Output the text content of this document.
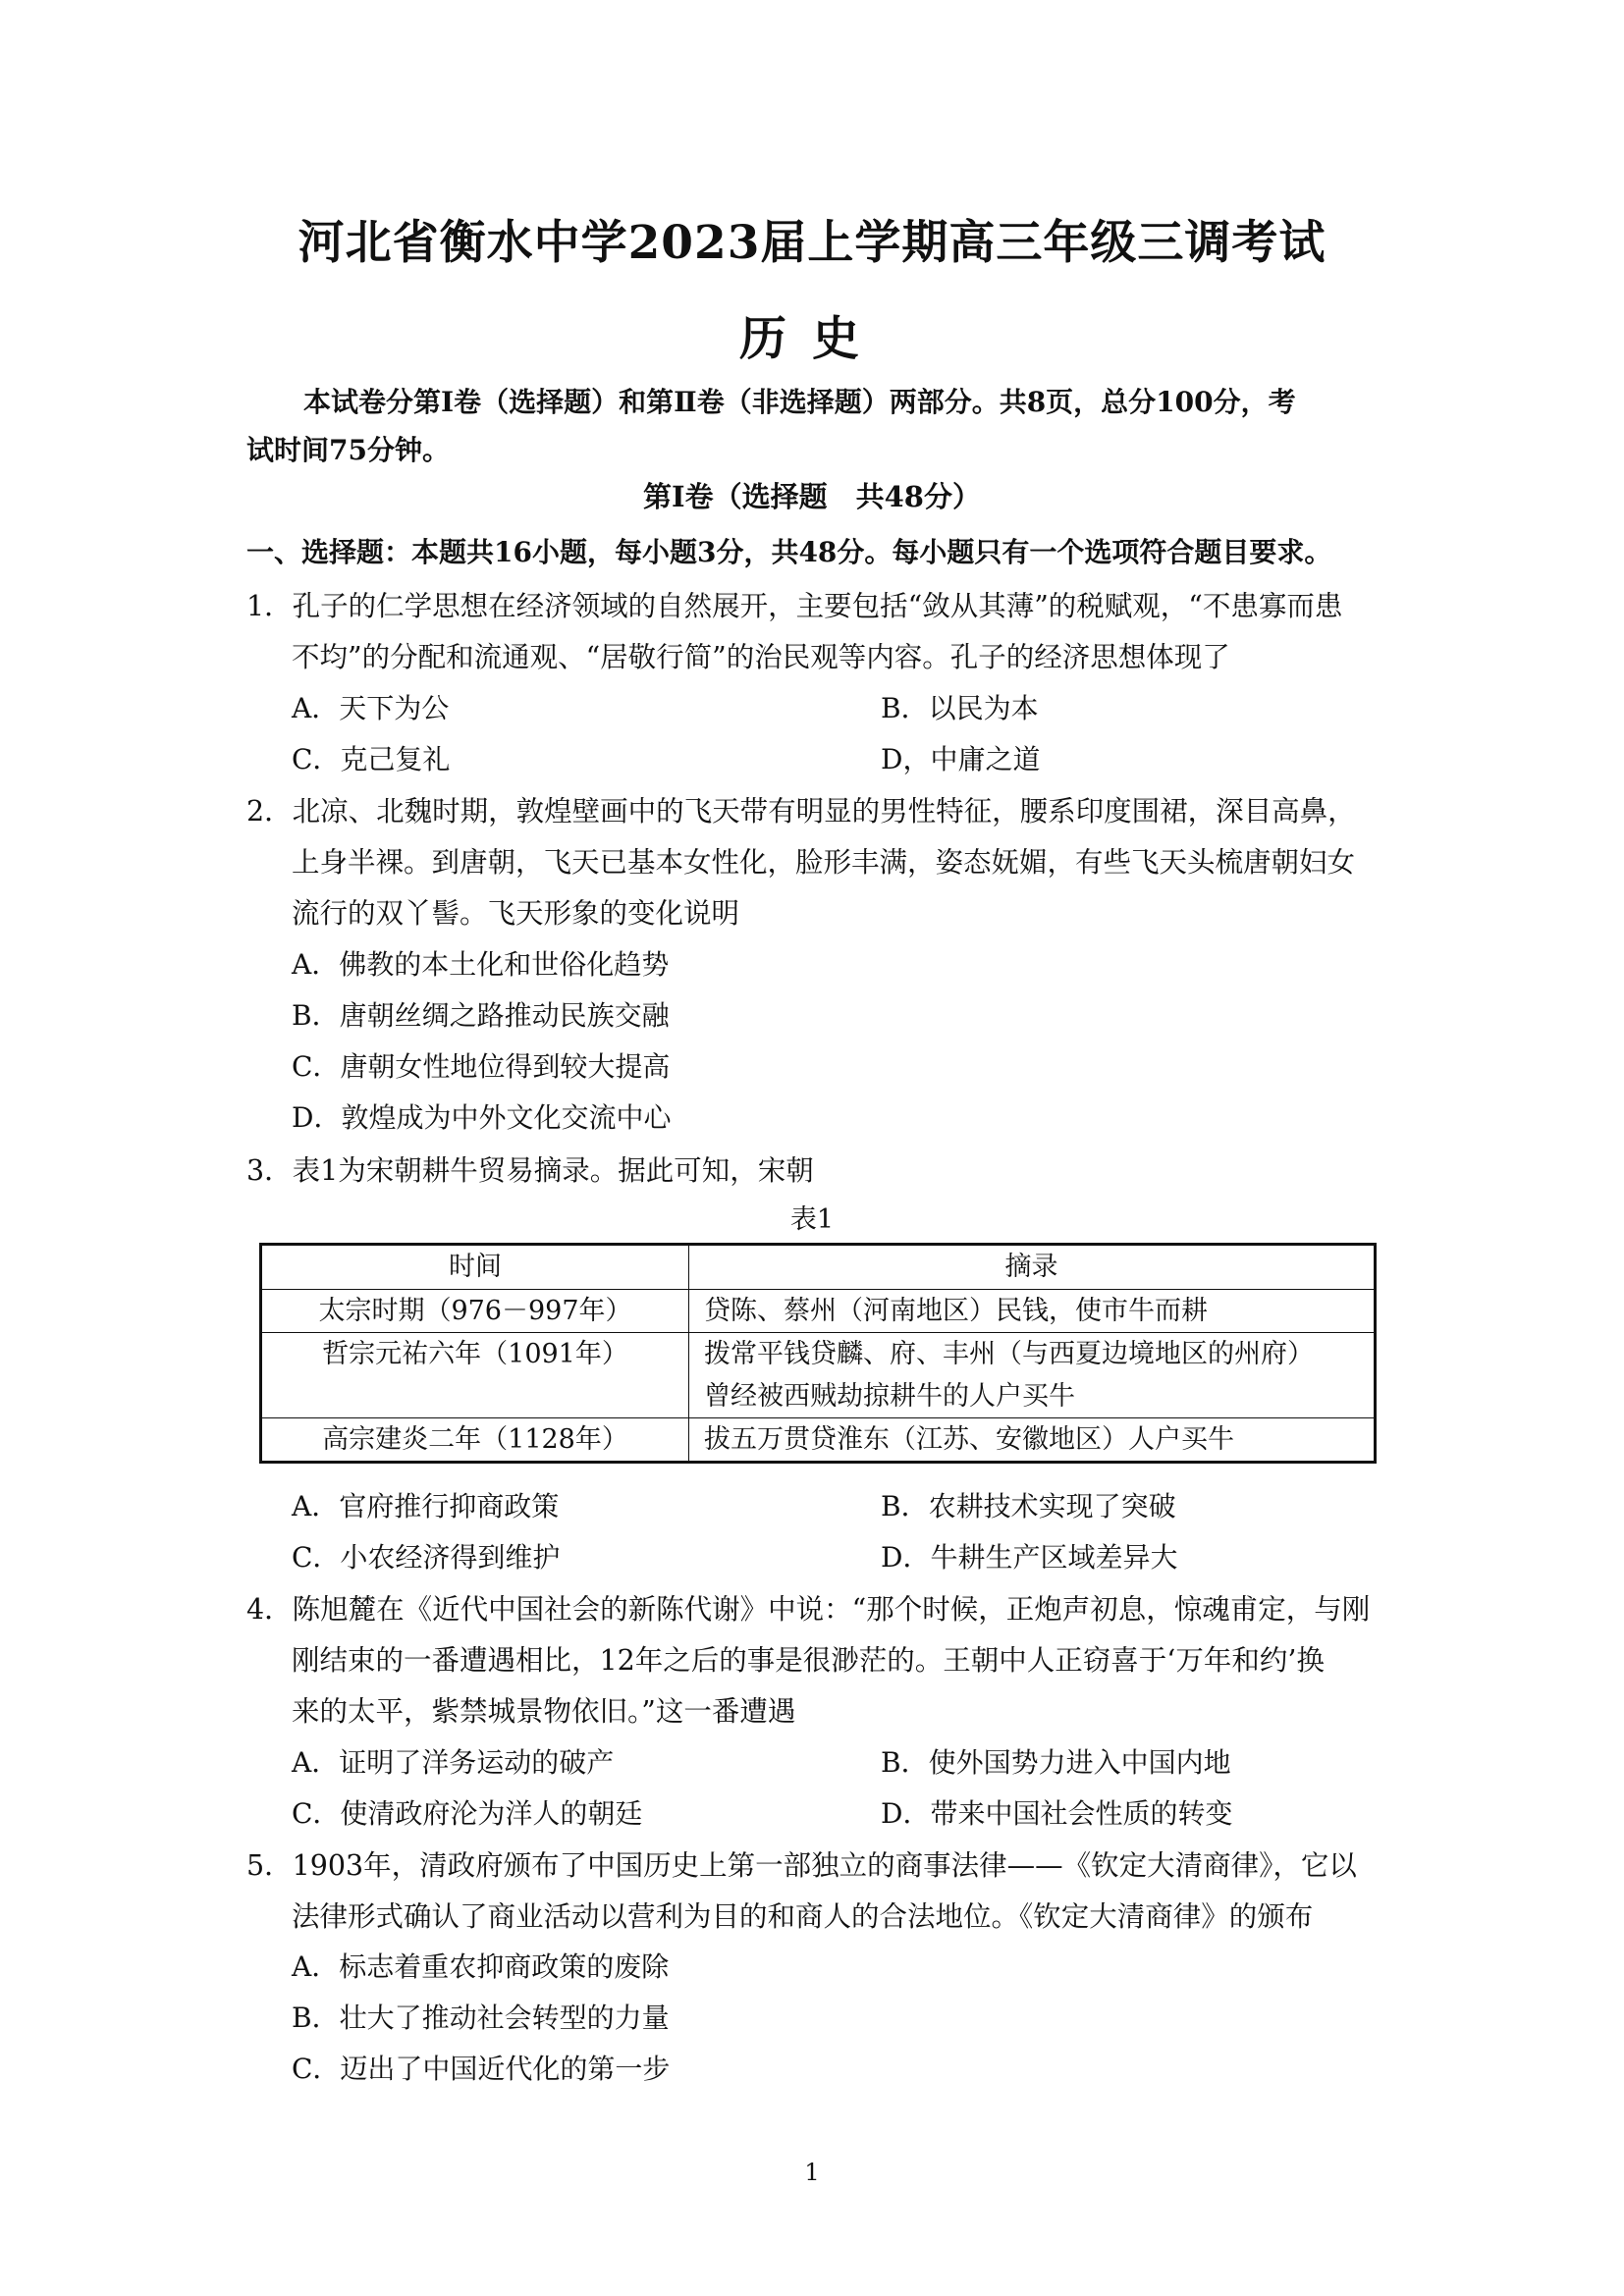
河北省衡水中学2023届上学期高三年级三调考试
历史
本试卷分第Ⅰ卷（选择题）和第Ⅱ卷（非选择题）两部分。共8页，总分100分，考
试时间75分钟。
第Ⅰ卷（选择题　共48分）
一、选择题：本题共16小题，每小题3分，共48分。每小题只有一个选项符合题目要求。
1．孔子的仁学思想在经济领域的自然展开，主要包括“敛从其薄”的税赋观，“不患寡而患
不均”的分配和流通观、“居敬行简”的治民观等内容。孔子的经济思想体现了
A．天下为公	B．以民为本
C．克己复礼	D，中庸之道
2．北凉、北魏时期，敦煌壁画中的飞天带有明显的男性特征，腰系印度围裙，深目高鼻，
上身半裸。到唐朝，飞天已基本女性化，脸形丰满，姿态妩媚，有些飞天头梳唐朝妇女
流行的双丫髻。飞天形象的变化说明
A．佛教的本土化和世俗化趋势
B．唐朝丝绸之路推动民族交融
C．唐朝女性地位得到较大提高
D．敦煌成为中外文化交流中心
3．表1为宋朝耕牛贸易摘录。据此可知，宋朝
表1
时间	摘录
太宗时期（976－997年）	贷陈、蔡州（河南地区）民钱，使市牛而耕

哲宗元祐六年（1091年）	拨常平钱贷麟、府、丰州（与西夏边境地区的州府）
曾经被西贼劫掠耕牛的人户买牛

高宗建炎二年（1128年）	拔五万贯贷淮东（江苏、安徽地区）人户买牛
A．官府推行抑商政策	B．农耕技术实现了突破
C．小农经济得到维护	D．牛耕生产区域差异大
4．陈旭麓在《近代中国社会的新陈代谢》中说：“那个时候，正炮声初息，惊魂甫定，与刚
刚结束的一番遭遇相比，12年之后的事是很渺茫的。王朝中人正窃喜于‘万年和约’换
来的太平，紫禁城景物依旧。”这一番遭遇
A．证明了洋务运动的破产	B．使外国势力进入中国内地
C．使清政府沦为洋人的朝廷	D．带来中国社会性质的转变
5．1903年，清政府颁布了中国历史上第一部独立的商事法律——《钦定大清商律》，它以
法律形式确认了商业活动以营利为目的和商人的合法地位。《钦定大清商律》的颁布
A．标志着重农抑商政策的废除
B．壮大了推动社会转型的力量
C．迈出了中国近代化的第一步
1
